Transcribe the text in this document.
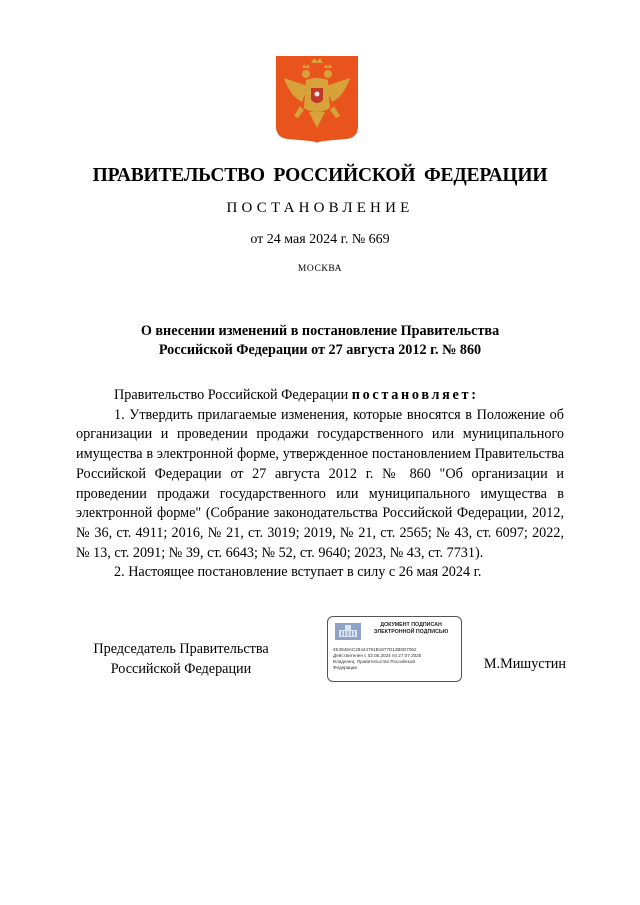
ПРАВИТЕЛЬСТВО РОССИЙСКОЙ ФЕДЕРАЦИИ
ПОСТАНОВЛЕНИЕ
от 24 мая 2024 г. № 669
МОСКВА
О внесении изменений в постановление Правительства
Российской Федерации от 27 августа 2012 г. № 860

Правительство Российской Федерации постановляет:

1. Утвердить прилагаемые изменения, которые вносятся в Положение об организации и проведении продажи государственного или муниципального имущества в электронной форме, утвержденное постановлением Правительства Российской Федерации от 27 августа 2012 г. № 860 "Об организации и проведении продажи государственного или муниципального имущества в электронной форме" (Собрание законодательства Российской Федерации, 2012, № 36, ст. 4911; 2016, № 21, ст. 3019; 2019, № 21, ст. 2565; № 43, ст. 6097; 2022, № 13, ст. 2091; № 39, ст. 6643; № 52, ст. 9640; 2023, № 43, ст. 7731).

2. Настоящее постановление вступает в силу с 26 мая 2024 г.

Председатель Правительства
Российской Федерации
ДОКУМЕНТ ПОДПИСАН
ЭЛЕКТРОННОЙ ПОДПИСЬЮ
4E4949AC28444791B1877D12B0D7062
Действителен с 03.05.2024 по 27.07.2025
Владелец: Правительство Российской
Федерации	М.Мишустин
